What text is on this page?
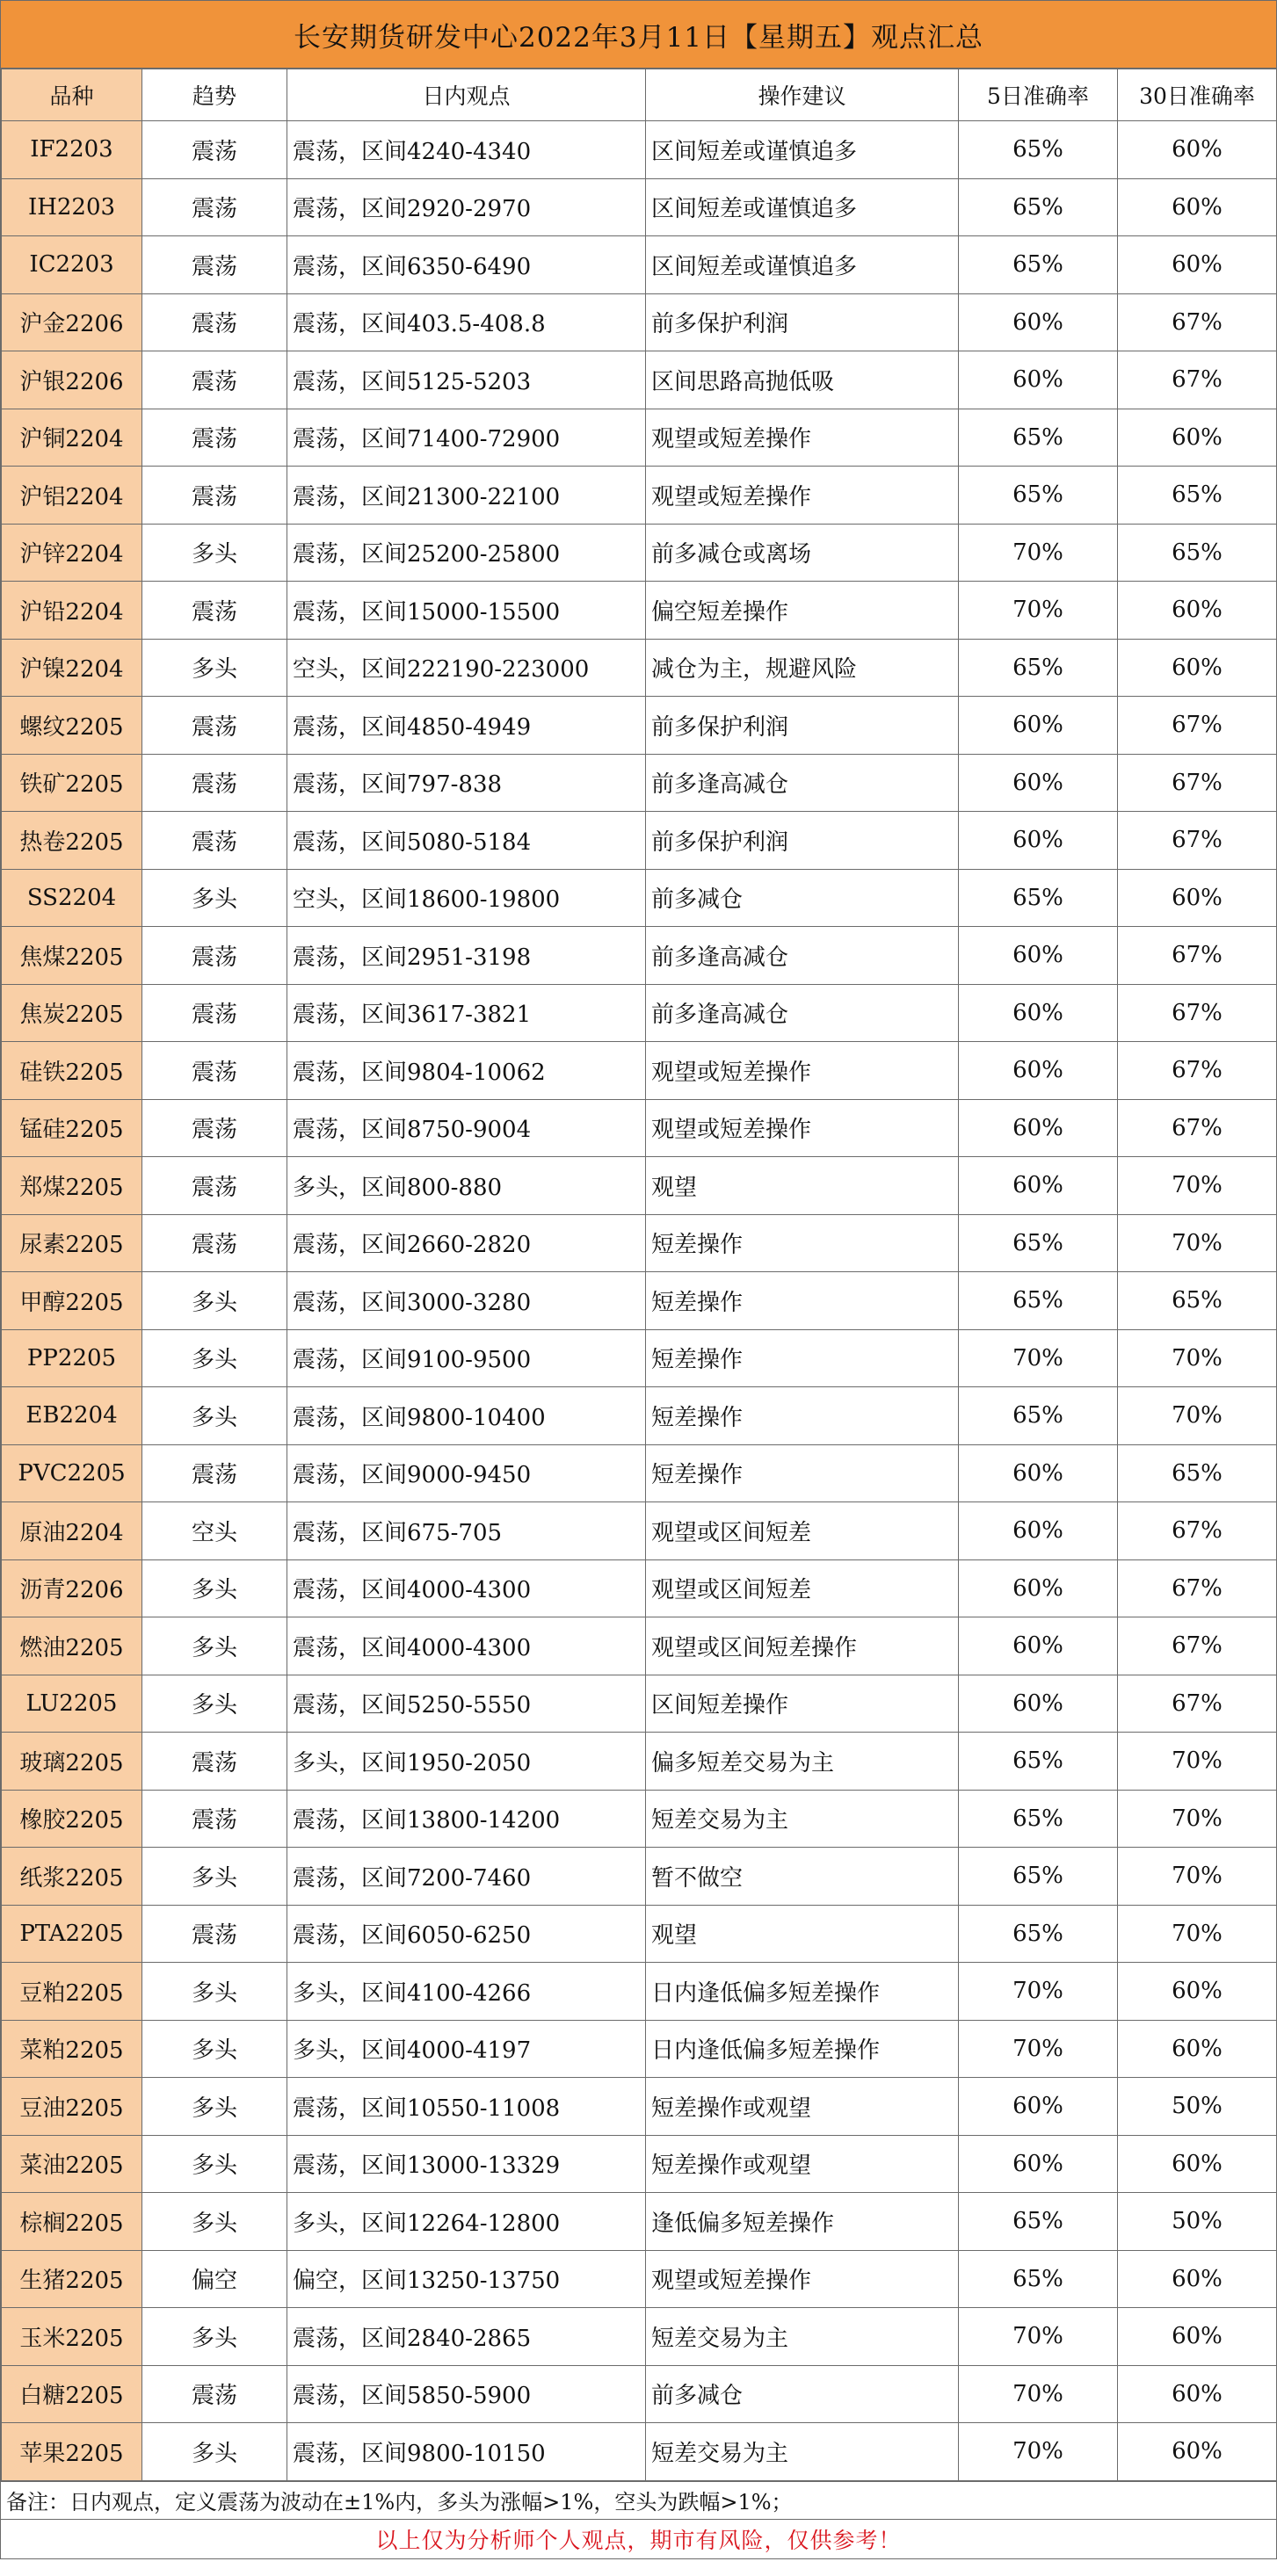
长安期货研发中心2022年3月11日【星期五】观点汇总
品种	趋势	日内观点	操作建议	5日准确率	30日准确率
IF2203	震荡	震荡，区间4240-4340	区间短差或谨慎追多	65%	60%
IH2203	震荡	震荡，区间2920-2970	区间短差或谨慎追多	65%	60%
IC2203	震荡	震荡，区间6350-6490	区间短差或谨慎追多	65%	60%
沪金2206	震荡	震荡，区间403.5-408.8	前多保护利润	60%	67%
沪银2206	震荡	震荡，区间5125-5203	区间思路高抛低吸	60%	67%
沪铜2204	震荡	震荡，区间71400-72900	观望或短差操作	65%	60%
沪铝2204	震荡	震荡，区间21300-22100	观望或短差操作	65%	65%
沪锌2204	多头	震荡，区间25200-25800	前多减仓或离场	70%	65%
沪铅2204	震荡	震荡，区间15000-15500	偏空短差操作	70%	60%
沪镍2204	多头	空头，区间222190-223000	减仓为主，规避风险	65%	60%
螺纹2205	震荡	震荡，区间4850-4949	前多保护利润	60%	67%
铁矿2205	震荡	震荡，区间797-838	前多逢高减仓	60%	67%
热卷2205	震荡	震荡，区间5080-5184	前多保护利润	60%	67%
SS2204	多头	空头，区间18600-19800	前多减仓	65%	60%
焦煤2205	震荡	震荡，区间2951-3198	前多逢高减仓	60%	67%
焦炭2205	震荡	震荡，区间3617-3821	前多逢高减仓	60%	67%
硅铁2205	震荡	震荡，区间9804-10062	观望或短差操作	60%	67%
锰硅2205	震荡	震荡，区间8750-9004	观望或短差操作	60%	67%
郑煤2205	震荡	多头，区间800-880	观望	60%	70%
尿素2205	震荡	震荡，区间2660-2820	短差操作	65%	70%
甲醇2205	多头	震荡，区间3000-3280	短差操作	65%	65%
PP2205	多头	震荡，区间9100-9500	短差操作	70%	70%
EB2204	多头	震荡，区间9800-10400	短差操作	65%	70%
PVC2205	震荡	震荡，区间9000-9450	短差操作	60%	65%
原油2204	空头	震荡，区间675-705	观望或区间短差	60%	67%
沥青2206	多头	震荡，区间4000-4300	观望或区间短差	60%	67%
燃油2205	多头	震荡，区间4000-4300	观望或区间短差操作	60%	67%
LU2205	多头	震荡，区间5250-5550	区间短差操作	60%	67%
玻璃2205	震荡	多头，区间1950-2050	偏多短差交易为主	65%	70%
橡胶2205	震荡	震荡，区间13800-14200	短差交易为主	65%	70%
纸浆2205	多头	震荡，区间7200-7460	暂不做空	65%	70%
PTA2205	震荡	震荡，区间6050-6250	观望	65%	70%
豆粕2205	多头	多头，区间4100-4266	日内逢低偏多短差操作	70%	60%
菜粕2205	多头	多头，区间4000-4197	日内逢低偏多短差操作	70%	60%
豆油2205	多头	震荡，区间10550-11008	短差操作或观望	60%	50%
菜油2205	多头	震荡，区间13000-13329	短差操作或观望	60%	60%
棕榈2205	多头	多头，区间12264-12800	逢低偏多短差操作	65%	50%
生猪2205	偏空	偏空，区间13250-13750	观望或短差操作	65%	60%
玉米2205	多头	震荡，区间2840-2865	短差交易为主	70%	60%
白糖2205	震荡	震荡，区间5850-5900	前多减仓	70%	60%
苹果2205	多头	震荡，区间9800-10150	短差交易为主	70%	60%
备注：日内观点，定义震荡为波动在±1%内，多头为涨幅>1%，空头为跌幅>1%；
以上仅为分析师个人观点，期市有风险，仅供参考！
